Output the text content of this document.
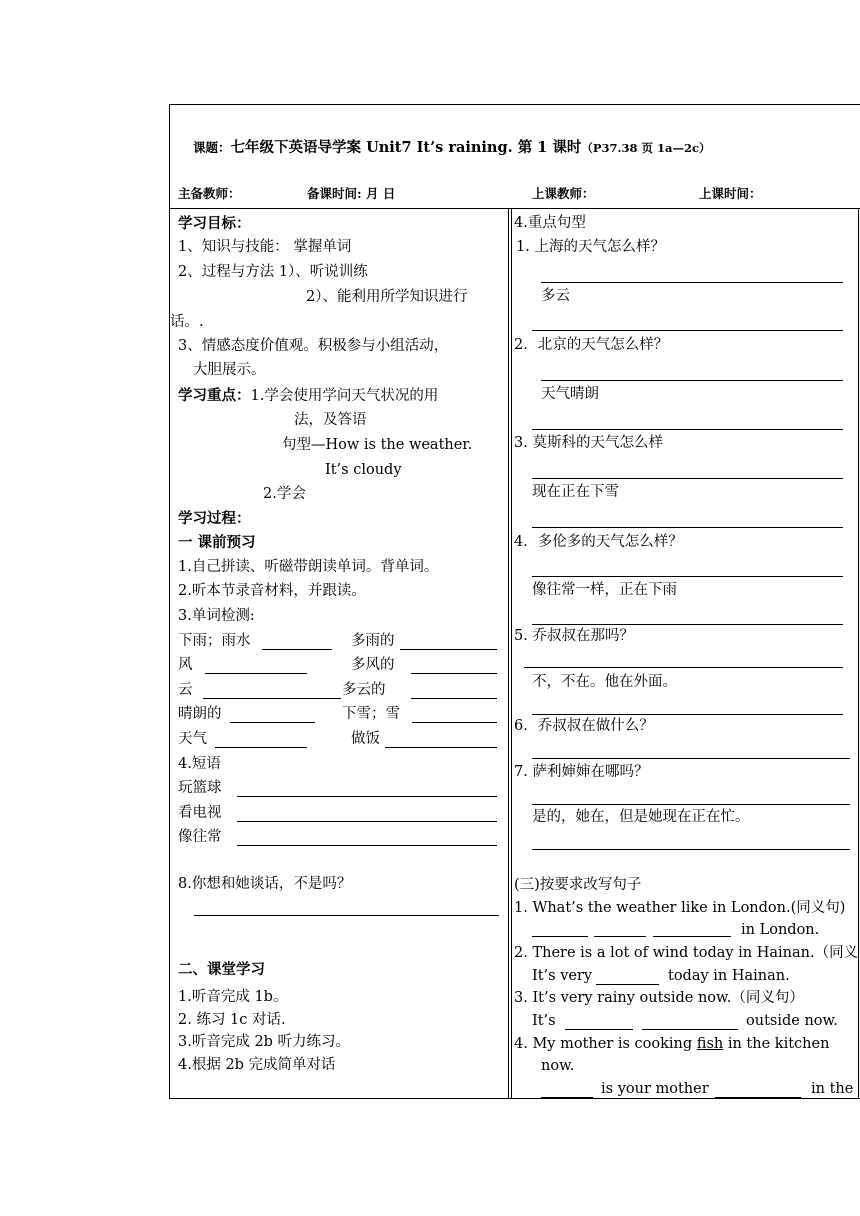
课题：七年级下英语导学案 Unit7 It’s raining. 第 1 课时（P37.38 页 1a—2c）
主备教师：	备课时间: 月 日	上课教师：	上课时间：
学习目标：
1、知识与技能： 掌握单词
2、过程与方法 1）、听说训练
2）、能利用所学知识进行
话。.
3、情感态度价值观。积极参与小组活动，
大胆展示。
学习重点：1.学会使用学问天气状况的用
法，及答语
句型—How is the weather.
It’s cloudy
2.学会
学习过程：
一 课前预习
1.自己拼读、听磁带朗读单词。背单词。
2.听本节录音材料，并跟读。
3.单词检测:
下雨；雨水	多雨的
风	多风的
云	多云的
晴朗的	下雪；雪
天气	做饭
4.短语
玩篮球
看电视
像往常
8.你想和她谈话，不是吗？
二、课堂学习
1.听音完成 1b。
2. 练习 1c 对话.
3.听音完成 2b 听力练习。
4.根据 2b 完成简单对话
4.重点句型
1. 上海的天气怎么样？
多云
2．北京的天气怎么样？
天气晴朗
3. 莫斯科的天气怎么样
现在正在下雪
4．多伦多的天气怎么样？
像往常一样，正在下雨
5. 乔叔叔在那吗？
不，不在。他在外面。
6．乔叔叔在做什么？
7. 萨利婶婶在哪吗？
是的，她在，但是她现在正在忙。
(三)按要求改写句子
1. What’s the weather like in London.(同义句)
in London.
2. There is a lot of wind today in Hainan.（同义
It’s very	today in Hainan.
3. It’s very rainy outside now.（同义句）
It’s	outside now.
4. My mother is cooking fish in the kitchen
now.
is your mother	in the
